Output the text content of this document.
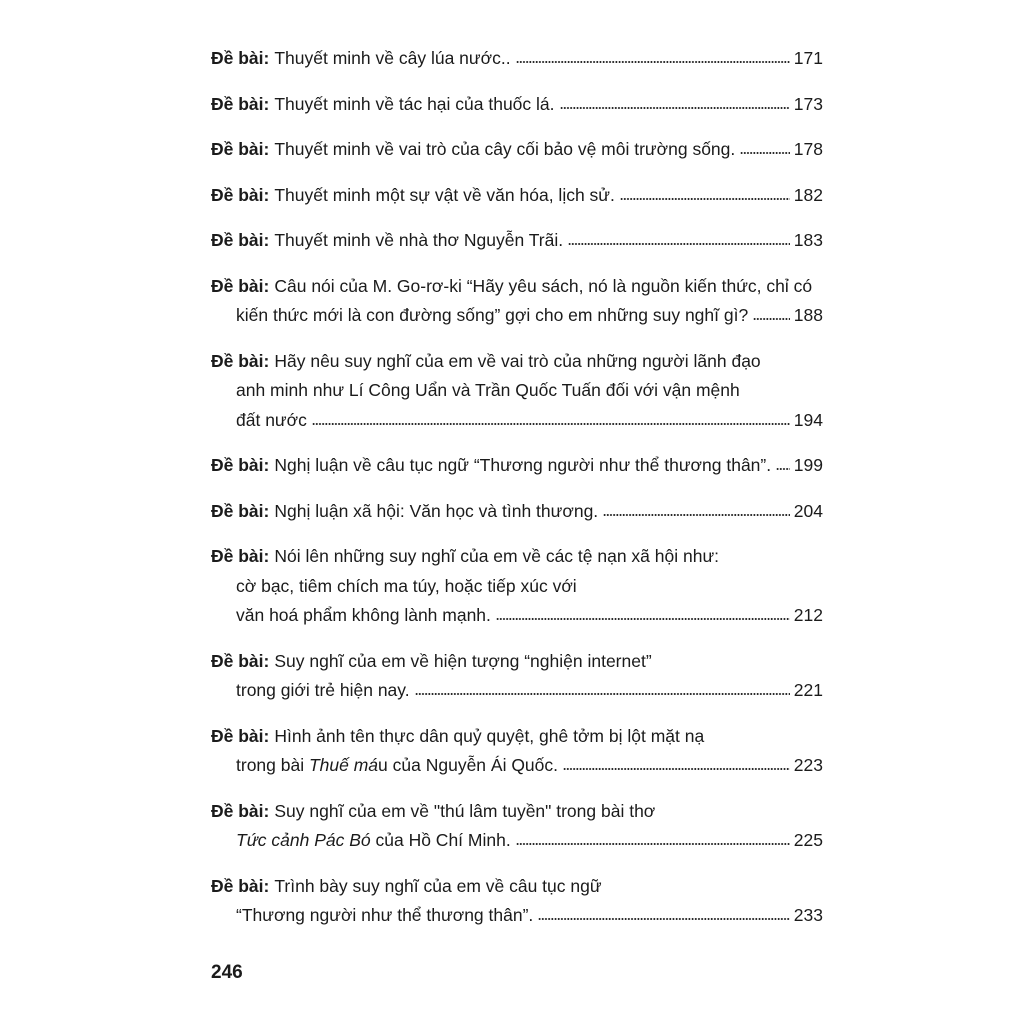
Đề bài: Thuyết minh về cây lúa nước..	171
Đề bài: Thuyết minh về tác hại của thuốc lá.	173
Đề bài: Thuyết minh về vai trò của cây cối bảo vệ môi trường sống.	178
Đề bài: Thuyết minh một sự vật về văn hóa, lịch sử.	182
Đề bài: Thuyết minh về nhà thơ Nguyễn Trãi.	183
Đề bài: Câu nói của M. Go-rơ-ki “Hãy yêu sách, nó là nguồn kiến thức, chỉ có
kiến thức mới là con đường sống” gợi cho em những suy nghĩ gì?	188
Đề bài: Hãy nêu suy nghĩ của em về vai trò của những người lãnh đạo
anh minh như Lí Công Uẩn và Trần Quốc Tuấn đối với vận mệnh
đất nước	194
Đề bài: Nghị luận về câu tục ngữ “Thương người như thể thương thân”. 199
Đề bài: Nghị luận xã hội: Văn học và tình thương.	204
Đề bài: Nói lên những suy nghĩ của em về các tệ nạn xã hội như:
cờ bạc, tiêm chích ma túy, hoặc tiếp xúc với
văn hoá phẩm không lành mạnh.	212
Đề bài: Suy nghĩ của em về hiện tượng “nghiện internet”
trong giới trẻ hiện nay.	221
Đề bài: Hình ảnh tên thực dân quỷ quyệt, ghê tởm bị lột mặt nạ
trong bài Thuế máu của Nguyễn Ái Quốc.	223
Đề bài: Suy nghĩ của em về "thú lâm tuyền" trong bài thơ
Tức cảnh Pác Bó của Hồ Chí Minh.	225
Đề bài: Trình bày suy nghĩ của em về câu tục ngữ
“Thương người như thể thương thân”.	233
246
